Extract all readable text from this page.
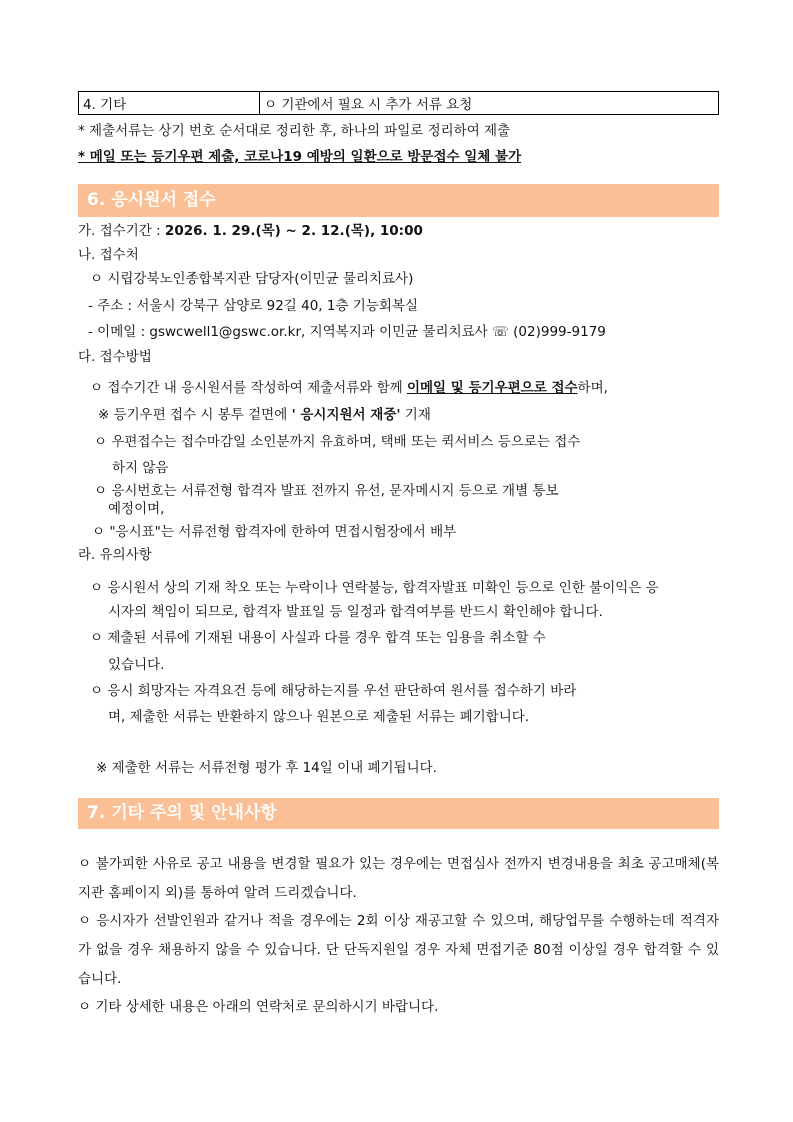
4. 기타	ㅇ 기관에서 필요 시 추가 서류 요청
* 제출서류는 상기 번호 순서대로 정리한 후, 하나의 파일로 정리하여 제출
* 메일 또는 등기우편 제출, 코로나19 예방의 일환으로 방문접수 일체 불가
6. 응시원서 접수
가. 접수기간 : 2026. 1. 29.(목) ~ 2. 12.(목), 10:00
나. 접수처
ㅇ 시립강북노인종합복지관 담당자(이민균 물리치료사)
- 주소 : 서울시 강북구 삼양로 92길 40, 1층 기능회복실
- 이메일 : gswcwell1@gswc.or.kr, 지역복지과 이민균 물리치료사 ☏ (02)999-9179
다. 접수방법
ㅇ 접수기간 내 응시원서를 작성하여 제출서류와 함께 이메일 및 등기우편으로 접수하며,
※ 등기우편 접수 시 봉투 겉면에 ' 응시지원서 재중' 기재
ㅇ 우편접수는 접수마감일 소인분까지 유효하며, 택배 또는 퀵서비스 등으로는 접수
하지 않음
ㅇ 응시번호는 서류전형 합격자 발표 전까지 유선, 문자메시지 등으로 개별 통보
예정이며,
ㅇ "응시표"는 서류전형 합격자에 한하여 면접시험장에서 배부
라. 유의사항
ㅇ 응시원서 상의 기재 착오 또는 누락이나 연락불능, 합격자발표 미확인 등으로 인한 불이익은 응
시자의 책임이 되므로, 합격자 발표일 등 일정과 합격여부를 반드시 확인해야 합니다.
ㅇ 제출된 서류에 기재된 내용이 사실과 다를 경우 합격 또는 임용을 취소할 수
있습니다.
ㅇ 응시 희망자는 자격요건 등에 해당하는지를 우선 판단하여 원서를 접수하기 바라
며, 제출한 서류는 반환하지 않으나 원본으로 제출된 서류는 폐기합니다.
※ 제출한 서류는 서류전형 평가 후 14일 이내 폐기됩니다.
7. 기타 주의 및 안내사항
ㅇ 불가피한 사유로 공고 내용을 변경할 필요가 있는 경우에는 면접심사 전까지 변경내용을 최초 공고매체(복지관 홈페이지 외)를 통하여 알려 드리겠습니다.
ㅇ 응시자가 선발인원과 같거나 적을 경우에는 2회 이상 재공고할 수 있으며, 해당업무를 수행하는데 적격자가 없을 경우 채용하지 않을 수 있습니다. 단 단독지원일 경우 자체 면접기준 80점 이상일 경우 합격할 수 있습니다.
ㅇ 기타 상세한 내용은 아래의 연락처로 문의하시기 바랍니다.
